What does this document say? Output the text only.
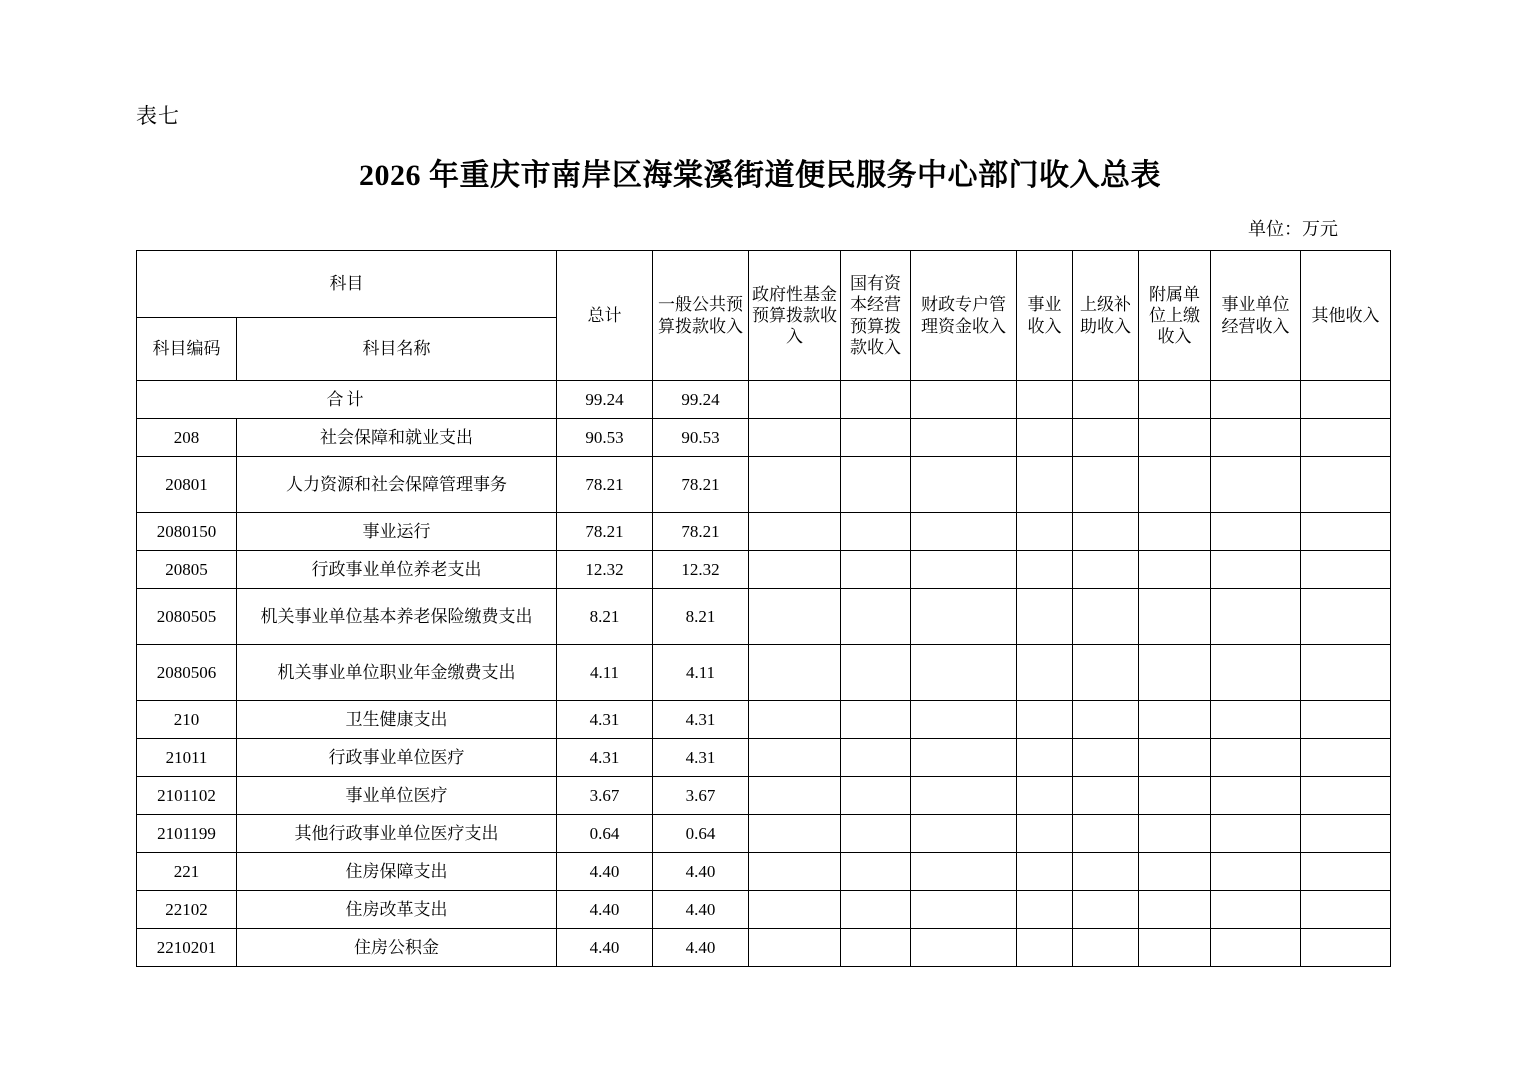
表七
2026 年重庆市南岸区海棠溪街道便民服务中心部门收入总表
单位：万元
科目		总计	一般公共预算拨款收入	政府性基金预算拨款收入	国有资本经营预算拨款收入	财政专户管理资金收入	事业收入	上级补助收入	附属单位上缴收入	事业单位经营收入	其他收入
科目编码	科目名称										
合计		99.24	99.24								
208	社会保障和就业支出	90.53	90.53								
20801	人力资源和社会保障管理事务	78.21	78.21								
2080150	事业运行	78.21	78.21								
20805	行政事业单位养老支出	12.32	12.32								
2080505	机关事业单位基本养老保险缴费支出	8.21	8.21								
2080506	机关事业单位职业年金缴费支出	4.11	4.11								
210	卫生健康支出	4.31	4.31								
21011	行政事业单位医疗	4.31	4.31								
2101102	事业单位医疗	3.67	3.67								
2101199	其他行政事业单位医疗支出	0.64	0.64								
221	住房保障支出	4.40	4.40								
22102	住房改革支出	4.40	4.40								
2210201	住房公积金	4.40	4.40								
